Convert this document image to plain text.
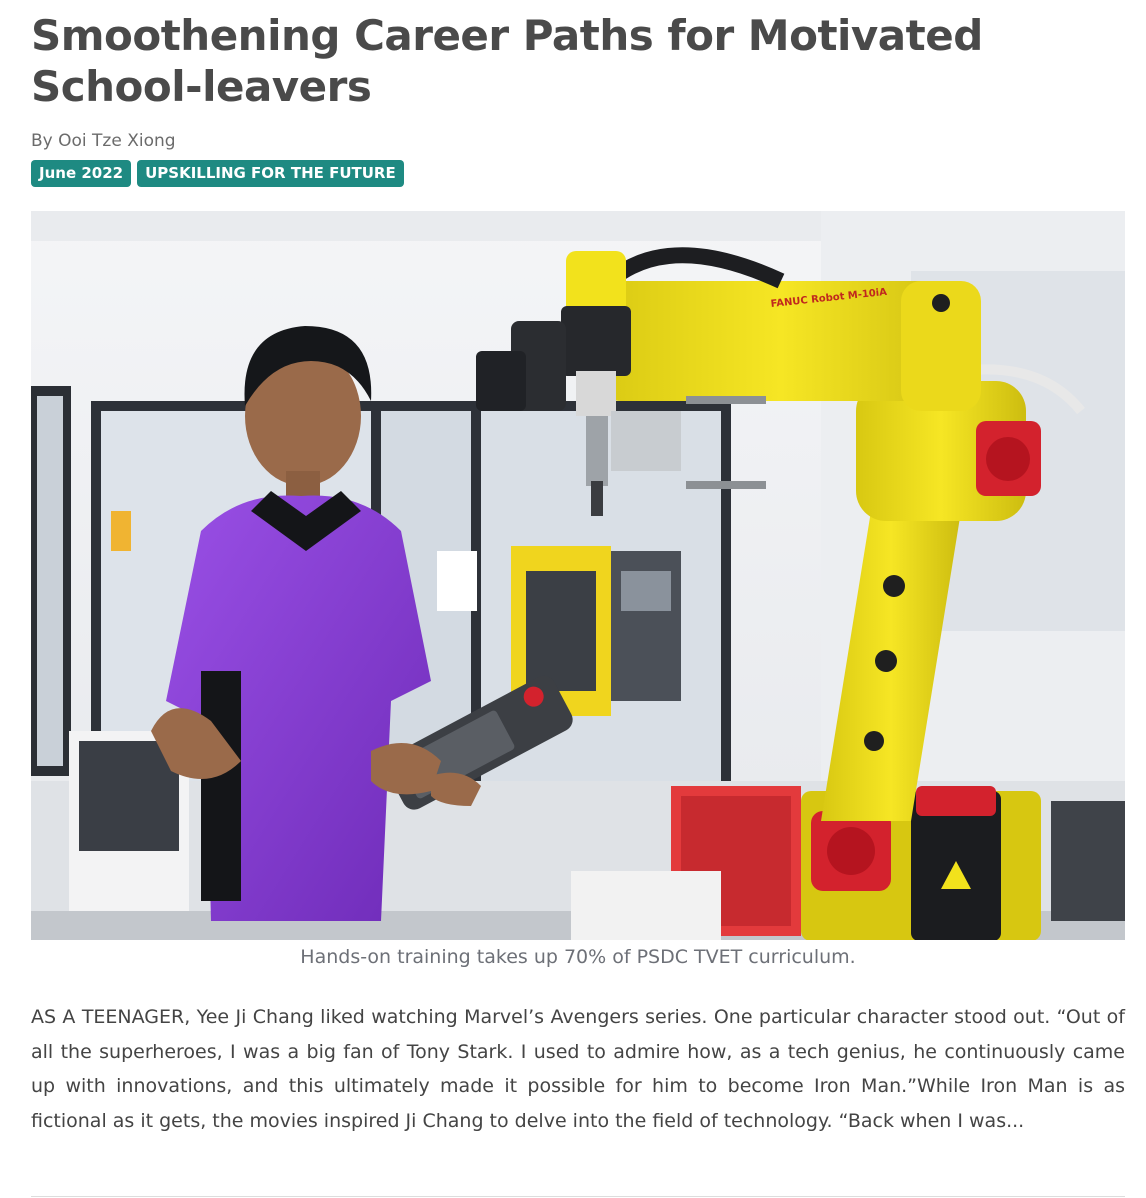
Smoothening Career Paths for Motivated School-leavers
By Ooi Tze Xiong
June 2022	UPSKILLING FOR THE FUTURE
FANUC Robot M-10iA
Hands-on training takes up 70% of PSDC TVET curriculum.

AS A TEENAGER, Yee Ji Chang liked watching Marvel’s Avengers series. One particular character stood out. “Out of all the superheroes, I was a big fan of Tony Stark. I used to admire how, as a tech genius, he continuously came up with innovations, and this ultimately made it possible for him to become Iron Man.”While Iron Man is as fictional as it gets, the movies inspired Ji Chang to delve into the field of technology. “Back when I was...
